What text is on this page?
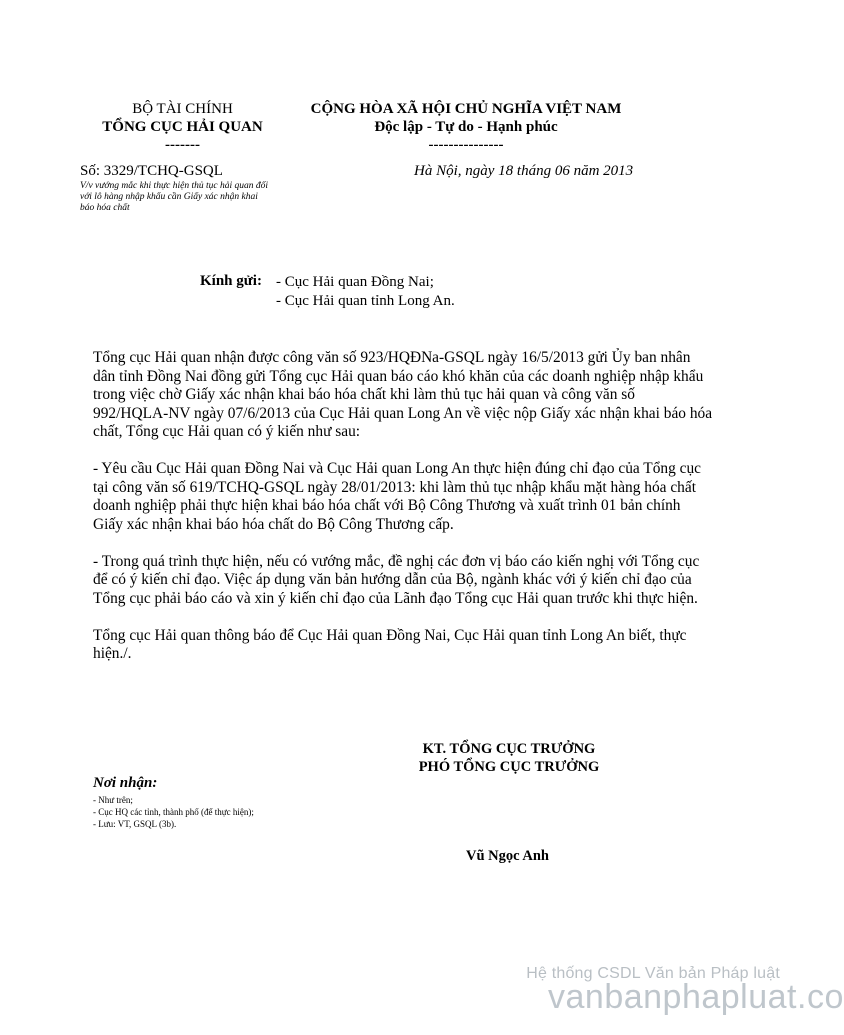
BỘ TÀI CHÍNH
TỔNG CỤC HẢI QUAN
-------
CỘNG HÒA XÃ HỘI CHỦ NGHĨA VIỆT NAM
Độc lập - Tự do - Hạnh phúc
---------------
Số: 3329/TCHQ-GSQL
V/v vướng mắc khi thực hiện thủ tục hải quan đối với lô hàng nhập khẩu cần Giấy xác nhận khai báo hóa chất
Hà Nội, ngày 18 tháng 06 năm 2013
Kính gửi: - Cục Hải quan Đồng Nai;
- Cục Hải quan tỉnh Long An.

Tổng cục Hải quan nhận được công văn số 923/HQĐNa-GSQL ngày 16/5/2013 gửi Ủy ban nhân dân tỉnh Đồng Nai đồng gửi Tổng cục Hải quan báo cáo khó khăn của các doanh nghiệp nhập khẩu trong việc chờ Giấy xác nhận khai báo hóa chất khi làm thủ tục hải quan và công văn số 992/HQLA-NV ngày 07/6/2013 của Cục Hải quan Long An về việc nộp Giấy xác nhận khai báo hóa chất, Tổng cục Hải quan có ý kiến như sau:

- Yêu cầu Cục Hải quan Đồng Nai và Cục Hải quan Long An thực hiện đúng chỉ đạo của Tổng cục tại công văn số 619/TCHQ-GSQL ngày 28/01/2013: khi làm thủ tục nhập khẩu mặt hàng hóa chất doanh nghiệp phải thực hiện khai báo hóa chất với Bộ Công Thương và xuất trình 01 bản chính Giấy xác nhận khai báo hóa chất do Bộ Công Thương cấp.

- Trong quá trình thực hiện, nếu có vướng mắc, đề nghị các đơn vị báo cáo kiến nghị với Tổng cục để có ý kiến chỉ đạo. Việc áp dụng văn bản hướng dẫn của Bộ, ngành khác với ý kiến chỉ đạo của Tổng cục phải báo cáo và xin ý kiến chỉ đạo của Lãnh đạo Tổng cục Hải quan trước khi thực hiện.

Tổng cục Hải quan thông báo để Cục Hải quan Đồng Nai, Cục Hải quan tỉnh Long An biết, thực hiện./.

KT. TỔNG CỤC TRƯỞNG
PHÓ TỔNG CỤC TRƯỞNG
Vũ Ngọc Anh
Nơi nhận:
- Như trên;
- Cục HQ các tỉnh, thành phố (để thực hiện);
- Lưu: VT, GSQL (3b).
Hệ thống CSDL Văn bản Pháp luật
vanbanphapluat.co
